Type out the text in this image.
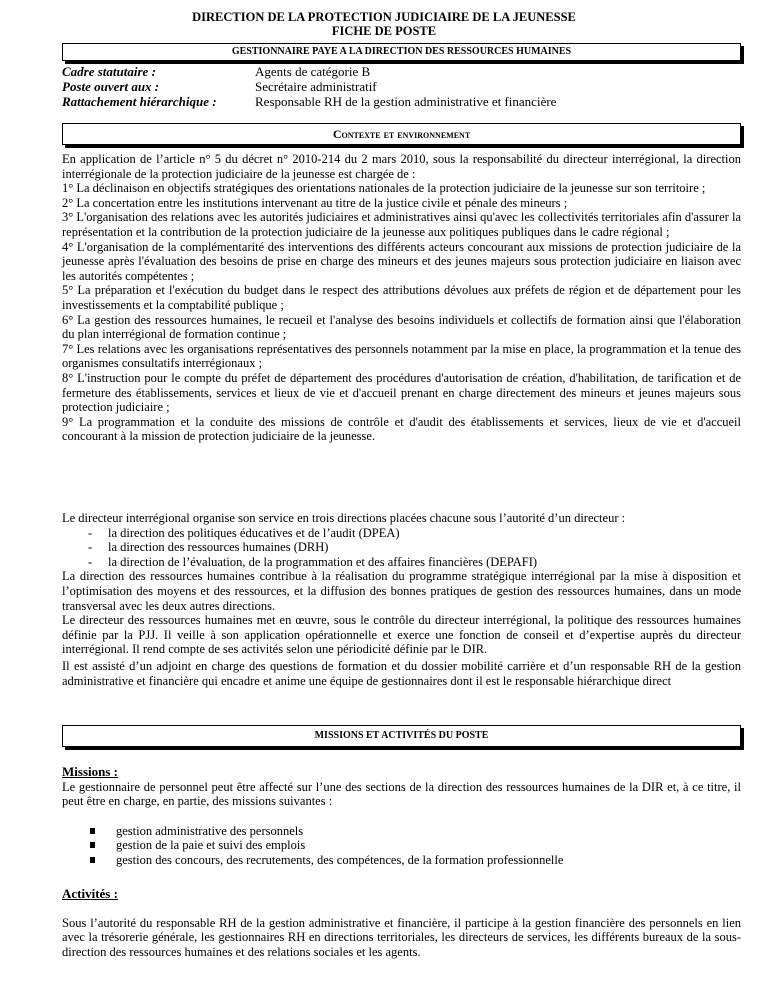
DIRECTION DE LA PROTECTION JUDICIAIRE DE LA JEUNESSE
FICHE DE POSTE
GESTIONNAIRE PAYE A LA DIRECTION DES RESSOURCES HUMAINES
Cadre statutaire :	Agents de catégorie B
Poste ouvert aux :	Secrétaire administratif
Rattachement hiérarchique :	Responsable RH de la gestion administrative et financière
Contexte et environnement

En application de l’article n° 5 du décret n° 2010-214 du 2 mars 2010, sous la responsabilité du directeur interrégional, la direction interrégionale de la protection judiciaire de la jeunesse est chargée de :

1° La déclinaison en objectifs stratégiques des orientations nationales de la protection judiciaire de la jeunesse sur son territoire ;

2° La concertation entre les institutions intervenant au titre de la justice civile et pénale des mineurs ;

3° L'organisation des relations avec les autorités judiciaires et administratives ainsi qu'avec les collectivités territoriales afin d'assurer la représentation et la contribution de la protection judiciaire de la jeunesse aux politiques publiques dans le cadre régional ;

4° L'organisation de la complémentarité des interventions des différents acteurs concourant aux missions de protection judiciaire de la jeunesse après l'évaluation des besoins de prise en charge des mineurs et des jeunes majeurs sous protection judiciaire en liaison avec les autorités compétentes ;

5° La préparation et l'exécution du budget dans le respect des attributions dévolues aux préfets de région et de département pour les investissements et la comptabilité publique ;

6° La gestion des ressources humaines, le recueil et l'analyse des besoins individuels et collectifs de formation ainsi que l'élaboration du plan interrégional de formation continue ;

7° Les relations avec les organisations représentatives des personnels notamment par la mise en place, la programmation et la tenue des organismes consultatifs interrégionaux ;

8° L'instruction pour le compte du préfet de département des procédures d'autorisation de création, d'habilitation, de tarification et de fermeture des établissements, services et lieux de vie et d'accueil prenant en charge directement des mineurs et jeunes majeurs sous protection judiciaire ;

9° La programmation et la conduite des missions de contrôle et d'audit des établissements et services, lieux de vie et d'accueil concourant à la mission de protection judiciaire de la jeunesse.

Le directeur interrégional organise son service en trois directions placées chacune sous l’autorité d’un directeur :

- la direction des politiques éducatives et de l’audit (DPEA)

- la direction des ressources humaines (DRH)

- la direction de l’évaluation, de la programmation et des affaires financières (DEPAFI)

La direction des ressources humaines contribue à la réalisation du programme stratégique interrégional par la mise à disposition et l’optimisation des moyens et des ressources, et la diffusion des bonnes pratiques de gestion des ressources humaines, dans un mode transversal avec les deux autres directions.

Le directeur des ressources humaines met en œuvre, sous le contrôle du directeur interrégional, la politique des ressources humaines définie par la PJJ. Il veille à son application opérationnelle et exerce une fonction de conseil et d’expertise auprès du directeur interrégional. Il rend compte de ses activités selon une périodicité définie par le DIR.

Il est assisté d’un adjoint en charge des questions de formation et du dossier mobilité carrière et d’un responsable RH de la gestion administrative et financière qui encadre et anime une équipe de gestionnaires dont il est le responsable hiérarchique direct

MISSIONS ET ACTIVITÉS DU POSTE

Missions :

Le gestionnaire de personnel peut être affecté sur l’une des sections de la direction des ressources humaines de la DIR et, à ce titre, il peut être en charge, en partie, des missions suivantes :

gestion administrative des personnels
gestion de la paie et suivi des emplois
gestion des concours, des recrutements, des compétences, de la formation professionnelle

Activités :

Sous l’autorité du responsable RH de la gestion administrative et financière, il participe à la gestion financière des personnels en lien avec la trésorerie générale, les gestionnaires RH en directions territoriales, les directeurs de services, les différents bureaux de la sous-direction des ressources humaines et des relations sociales et les agents.
